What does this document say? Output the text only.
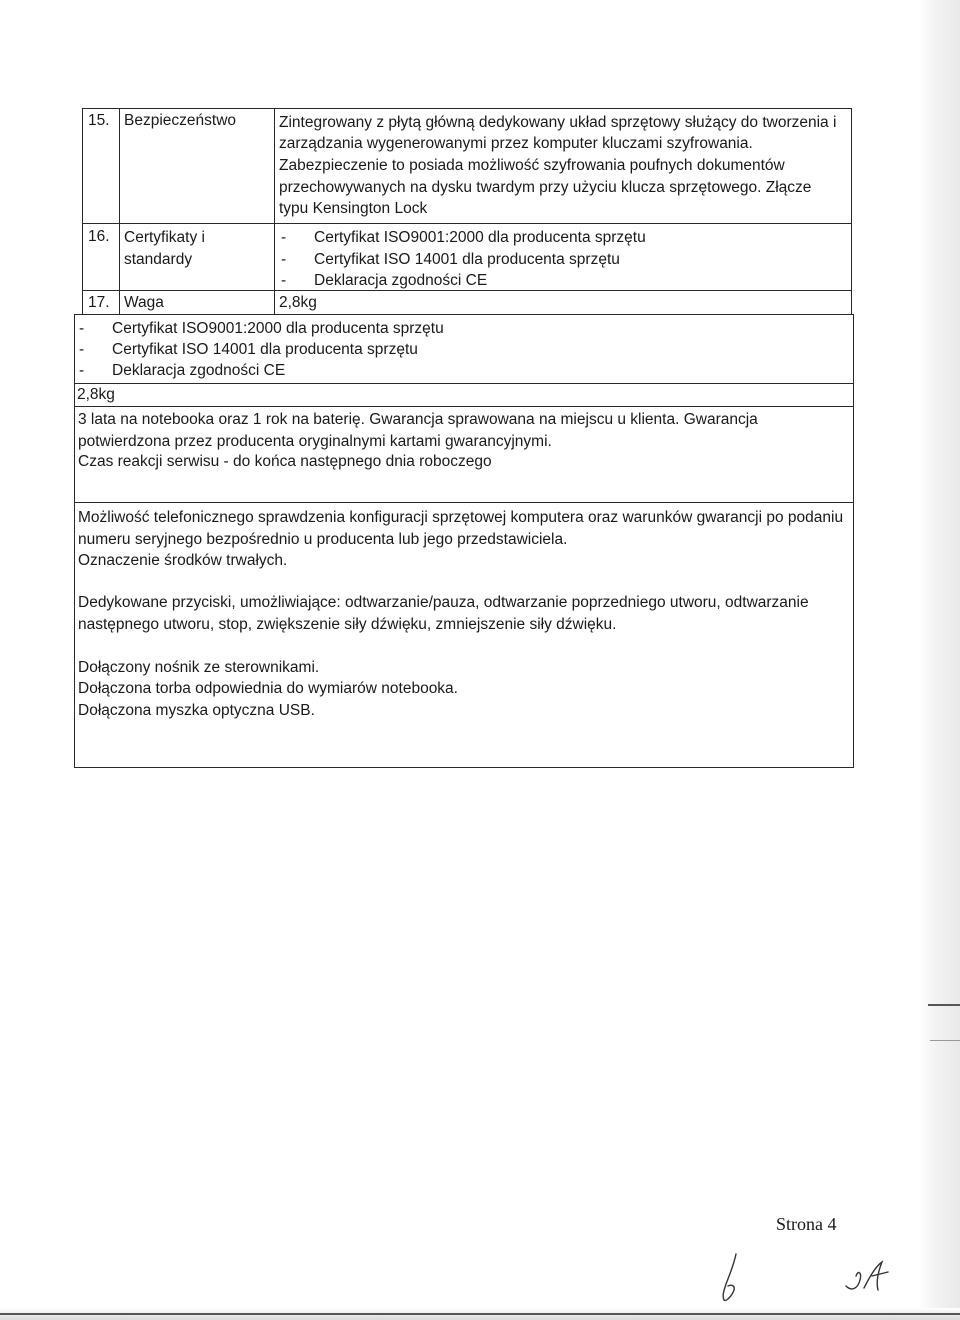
15. Bezpieczeństwo	Zintegrowany z płytą główną dedykowany układ sprzętowy służący do tworzenia i
zarządzania wygenerowanymi przez komputer kluczami szyfrowania.
Zabezpieczenie to posiada możliwość szyfrowania poufnych dokumentów
przechowywanych na dysku twardym przy użyciu klucza sprzętowego. Złącze
typu Kensington Lock
16. Certyfikaty i
standardy
- Certyfikat ISO9001:2000 dla producenta sprzętu
- Certyfikat ISO 14001 dla producenta sprzętu
- Deklaracja zgodności CE
17. Waga	2,8kg
- Certyfikat ISO9001:2000 dla producenta sprzętu
- Certyfikat ISO 14001 dla producenta sprzętu
- Deklaracja zgodności CE
2,8kg
3 lata na notebooka oraz 1 rok na baterię. Gwarancja sprawowana na miejscu u klienta. Gwarancja
potwierdzona przez producenta oryginalnymi kartami gwarancyjnymi.
Czas reakcji serwisu - do końca następnego dnia roboczego
Możliwość telefonicznego sprawdzenia konfiguracji sprzętowej komputera oraz warunków gwarancji po podaniu
numeru seryjnego bezpośrednio u producenta lub jego przedstawiciela.
Oznaczenie środków trwałych.
Dedykowane przyciski, umożliwiające: odtwarzanie/pauza, odtwarzanie poprzedniego utworu, odtwarzanie
następnego utworu, stop, zwiększenie siły dźwięku, zmniejszenie siły dźwięku.
Dołączony nośnik ze sterownikami.
Dołączona torba odpowiednia do wymiarów notebooka.
Dołączona myszka optyczna USB.
Strona 4
